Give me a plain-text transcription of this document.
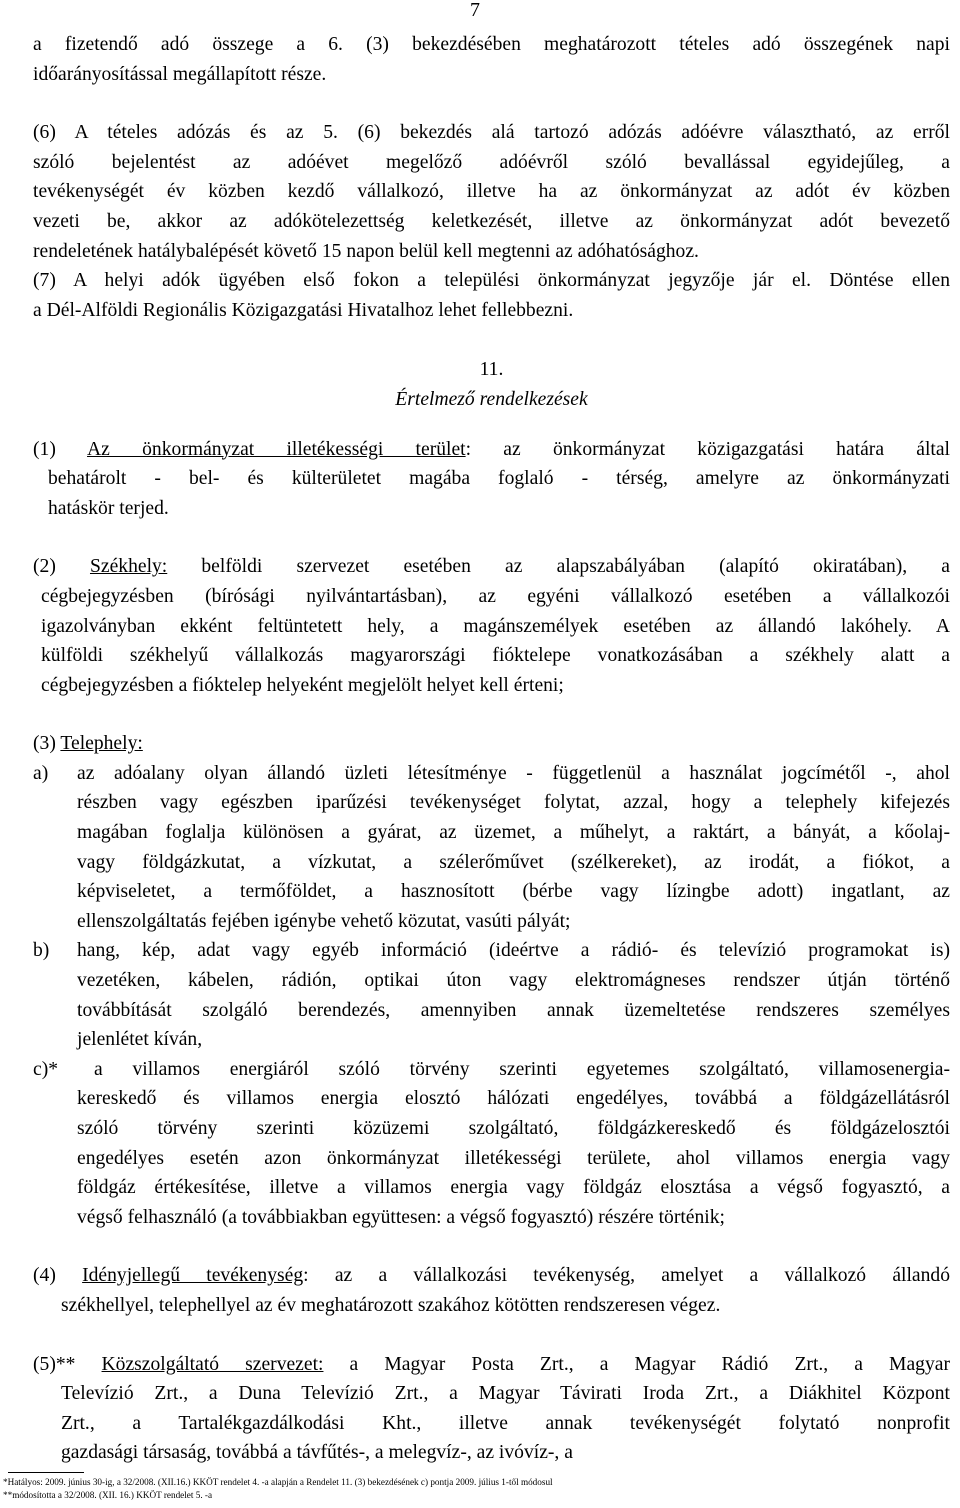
7

a fizetendő adó összege a 6. (3) bekezdésében meghatározott tételes adó összegének napi

időarányosítással megállapított része.

(6) A tételes adózás és az 5. (6) bekezdés alá tartozó adózás adóévre választható, az erről

szóló bejelentést az adóévet megelőző adóévről szóló bevallással egyidejűleg, a

tevékenységét év közben kezdő vállalkozó, illetve ha az önkormányzat az adót év közben

vezeti be, akkor az adókötelezettség keletkezését, illetve az önkormányzat adót bevezető

rendeletének hatálybalépését követő 15 napon belül kell megtenni az adóhatósághoz.

(7) A helyi adók ügyében első fokon a települési önkormányzat jegyzője jár el. Döntése ellen

a Dél-Alföldi Regionális Közigazgatási Hivatalhoz lehet fellebbezni.

11.

Értelmező rendelkezések

(1) Az önkormányzat illetékességi terület: az önkormányzat közigazgatási határa által

behatárolt - bel- és külterületet magába foglaló - térség, amelyre az önkormányzati

hatáskör terjed.

(2) Székhely: belföldi szervezet esetében az alapszabályában (alapító okiratában), a

cégbejegyzésben (bírósági nyilvántartásban), az egyéni vállalkozó esetében a vállalkozói

igazolványban ekként feltüntetett hely, a magánszemélyek esetében az állandó lakóhely. A

külföldi székhelyű vállalkozás magyarországi fióktelepe vonatkozásában a székhely alatt a

cégbejegyzésben a fióktelep helyeként megjelölt helyet kell érteni;

(3) Telephely:

a)az adóalany olyan állandó üzleti létesítménye - függetlenül a használat jogcímétől -, ahol

részben vagy egészben iparűzési tevékenységet folytat, azzal, hogy a telephely kifejezés

magában foglalja különösen a gyárat, az üzemet, a műhelyt, a raktárt, a bányát, a kőolaj-

vagy földgázkutat, a vízkutat, a szélerőművet (szélkereket), az irodát, a fiókot, a

képviseletet, a termőföldet, a hasznosított (bérbe vagy lízingbe adott) ingatlant, az

ellenszolgáltatás fejében igénybe vehető közutat, vasúti pályát;

b)hang, kép, adat vagy egyéb információ (ideértve a rádió- és televízió programokat is)

vezetéken, kábelen, rádión, optikai úton vagy elektromágneses rendszer útján történő

továbbítását szolgáló berendezés, amennyiben annak üzemeltetése rendszeres személyes

jelenlétet kíván,

c)*a villamos energiáról szóló törvény szerinti egyetemes szolgáltató, villamosenergia-

kereskedő és villamos energia elosztó hálózati engedélyes, továbbá a földgázellátásról

szóló törvény szerinti közüzemi szolgáltató, földgázkereskedő és földgázelosztói

engedélyes esetén azon önkormányzat illetékességi területe, ahol villamos energia vagy

földgáz értékesítése, illetve a villamos energia vagy földgáz elosztása a végső fogyasztó, a

végső felhasználó (a továbbiakban együttesen: a végső fogyasztó) részére történik;

(4) Idényjellegű tevékenység: az a vállalkozási tevékenység, amelyet a vállalkozó állandó

székhellyel, telephellyel az év meghatározott szakához kötötten rendszeresen végez.

(5)** Közszolgáltató szervezet: a Magyar Posta Zrt., a Magyar Rádió Zrt., a Magyar

Televízió Zrt., a Duna Televízió Zrt., a Magyar Távirati Iroda Zrt., a Diákhitel Központ

Zrt., a Tartalékgazdálkodási Kht., illetve annak tevékenységét folytató nonprofit

gazdasági társaság, továbbá a távfűtés-, a melegvíz-, az ivóvíz-, a

*Hatályos: 2009. június 30-ig, a 32/2008. (XII.16.) KKÖT rendelet 4. -a alapján a Rendelet 11. (3) bekezdésének c) pontja 2009. július 1-től módosul
**módosította a 32/2008. (XII. 16.) KKÖT rendelet 5. -a
